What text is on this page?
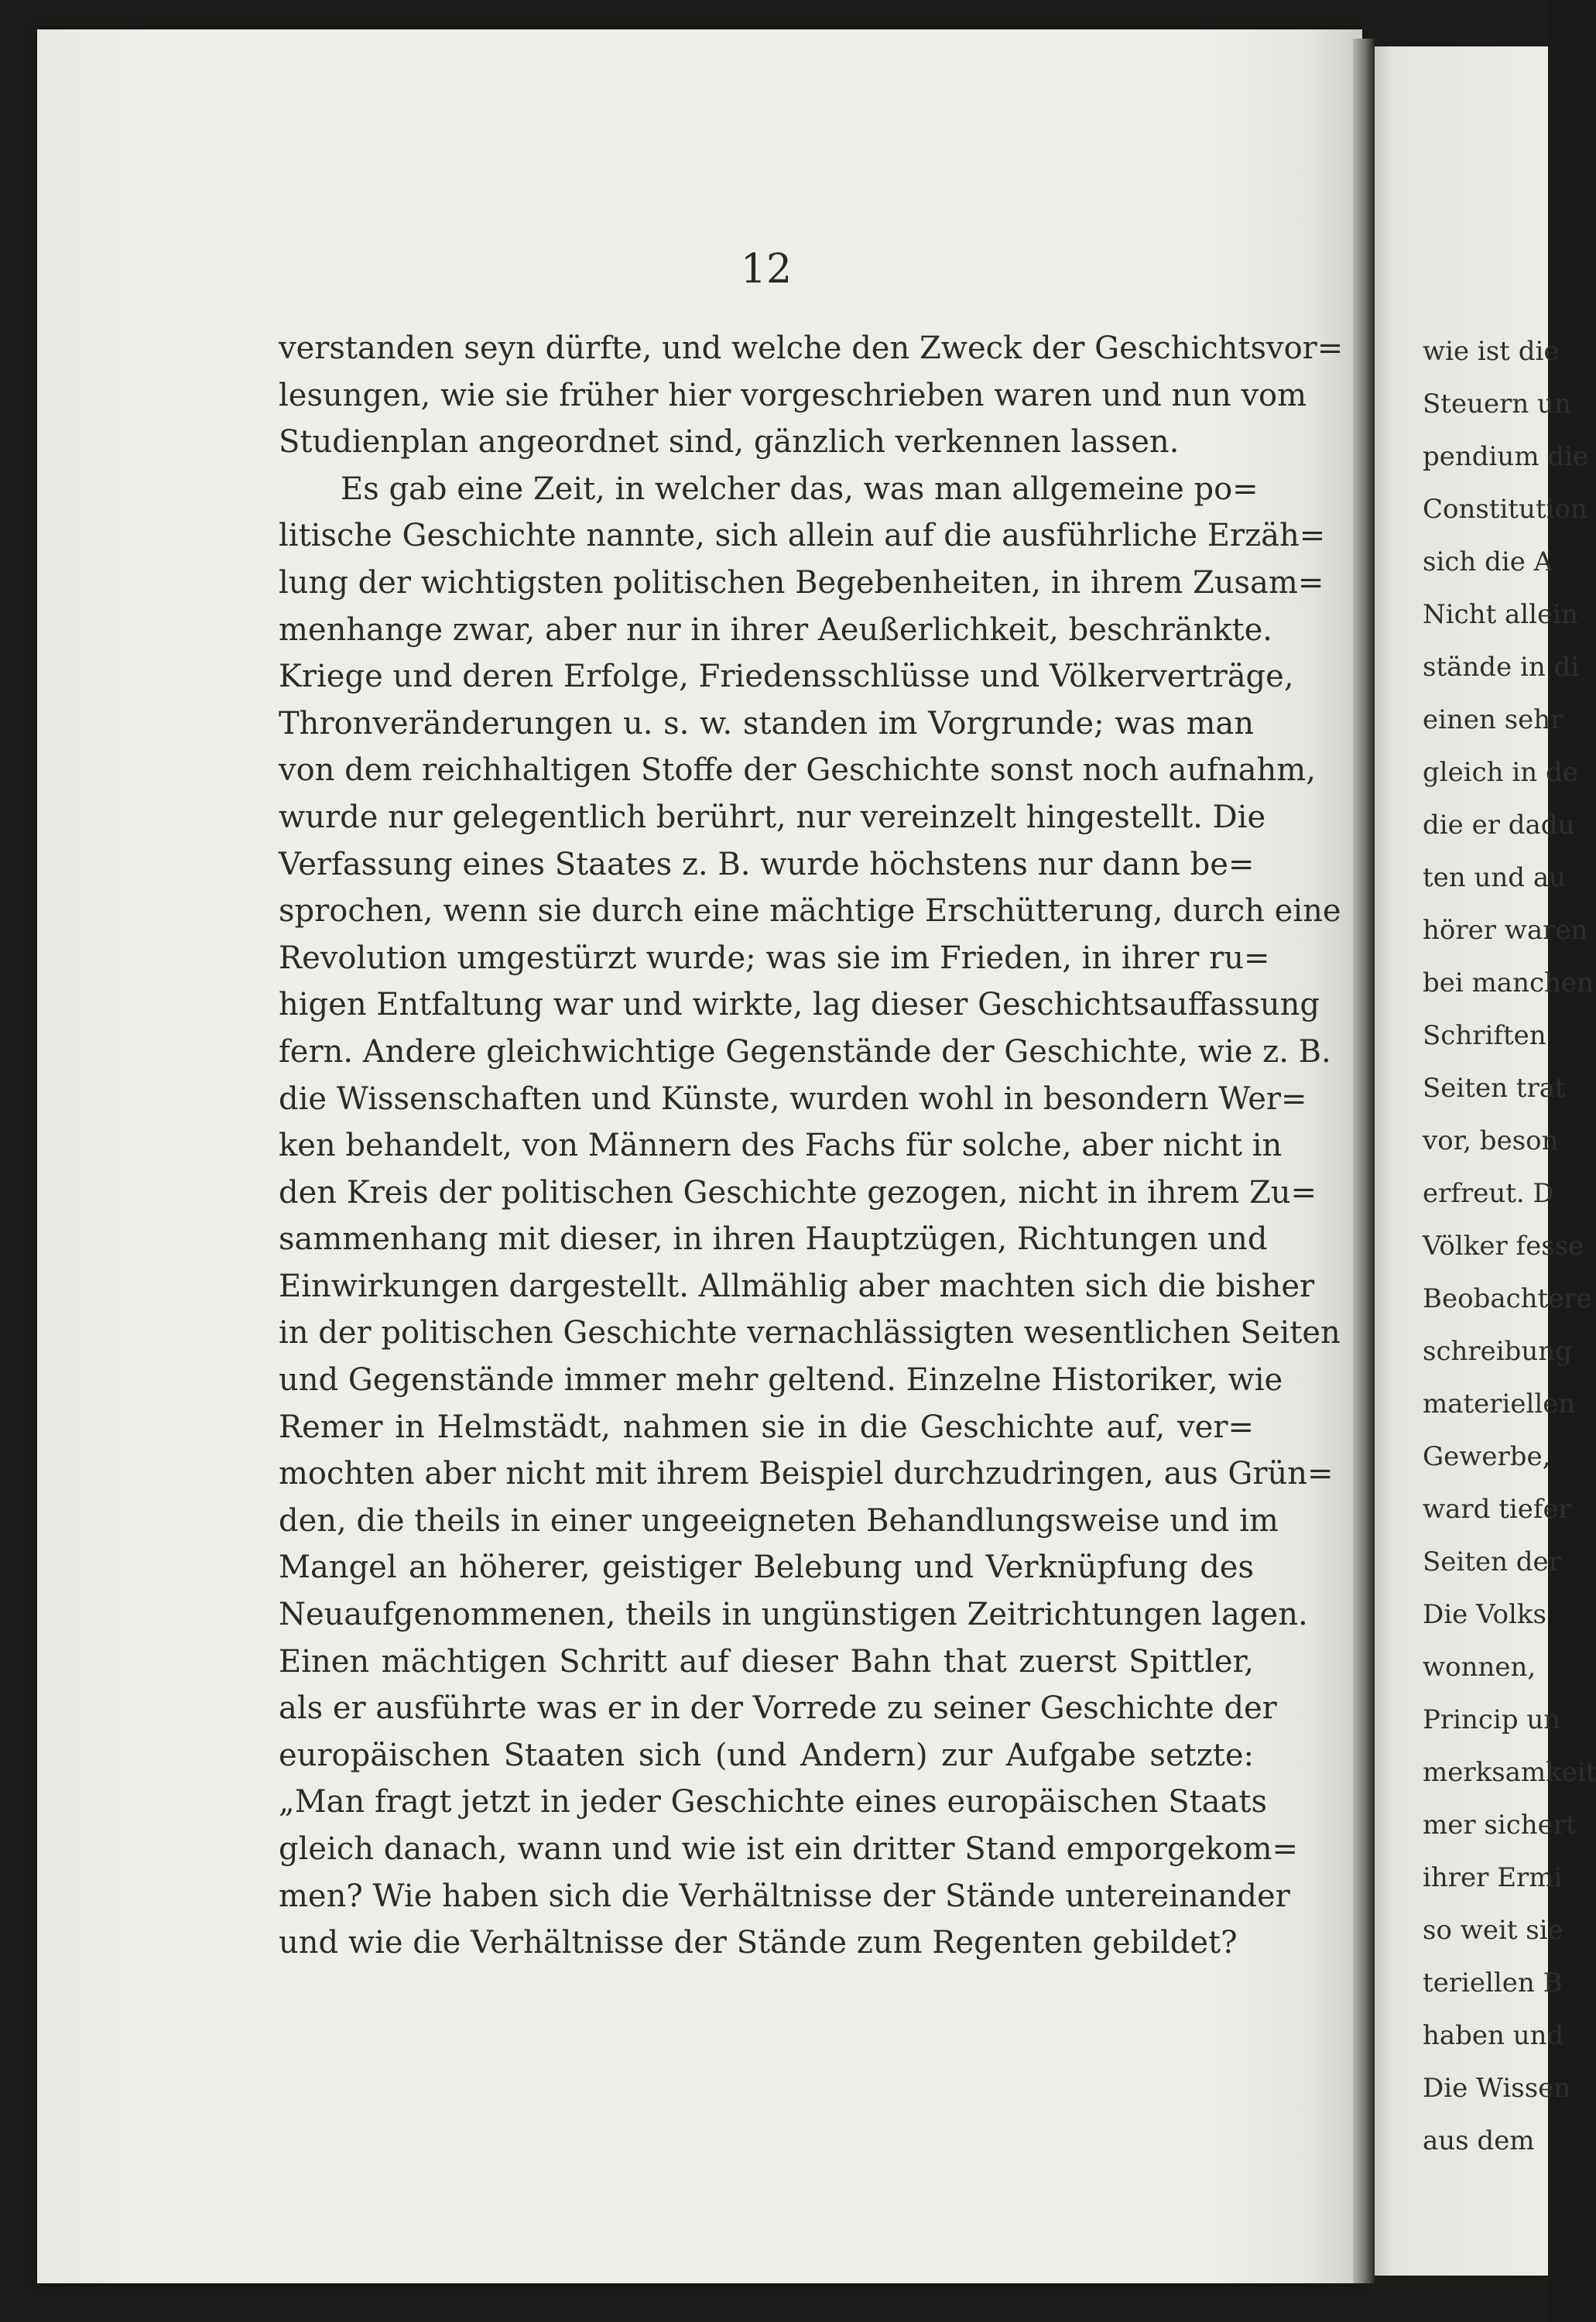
12
verstanden seyn dürfte, und welche den Zweck der Geschichtsvor=
lesungen, wie sie früher hier vorgeschrieben waren und nun vom
Studienplan angeordnet sind, gänzlich verkennen lassen.
Es gab eine Zeit, in welcher das, was man allgemeine po=
litische Geschichte nannte, sich allein auf die ausführliche Erzäh=
lung der wichtigsten politischen Begebenheiten, in ihrem Zusam=
menhange zwar, aber nur in ihrer Aeußerlichkeit, beschränkte.
Kriege und deren Erfolge, Friedensschlüsse und Völkerverträge,
Thronveränderungen u. s. w. standen im Vorgrunde; was man
von dem reichhaltigen Stoffe der Geschichte sonst noch aufnahm,
wurde nur gelegentlich berührt, nur vereinzelt hingestellt. Die
Verfassung eines Staates z. B. wurde höchstens nur dann be=
sprochen, wenn sie durch eine mächtige Erschütterung, durch eine
Revolution umgestürzt wurde; was sie im Frieden, in ihrer ru=
higen Entfaltung war und wirkte, lag dieser Geschichtsauffassung
fern. Andere gleichwichtige Gegenstände der Geschichte, wie z. B.
die Wissenschaften und Künste, wurden wohl in besondern Wer=
ken behandelt, von Männern des Fachs für solche, aber nicht in
den Kreis der politischen Geschichte gezogen, nicht in ihrem Zu=
sammenhang mit dieser, in ihren Hauptzügen, Richtungen und
Einwirkungen dargestellt. Allmählig aber machten sich die bisher
in der politischen Geschichte vernachlässigten wesentlichen Seiten
und Gegenstände immer mehr geltend. Einzelne Historiker, wie
Remer in Helmstädt, nahmen sie in die Geschichte auf, ver=
mochten aber nicht mit ihrem Beispiel durchzudringen, aus Grün=
den, die theils in einer ungeeigneten Behandlungsweise und im
Mangel an höherer, geistiger Belebung und Verknüpfung des
Neuaufgenommenen, theils in ungünstigen Zeitrichtungen lagen.
Einen mächtigen Schritt auf dieser Bahn that zuerst Spittler,
als er ausführte was er in der Vorrede zu seiner Geschichte der
europäischen Staaten sich (und Andern) zur Aufgabe setzte:
„Man fragt jetzt in jeder Geschichte eines europäischen Staats
gleich danach, wann und wie ist ein dritter Stand emporgekom=
men? Wie haben sich die Verhältnisse der Stände untereinander
und wie die Verhältnisse der Stände zum Regenten gebildet?
wie ist die
Steuern un
pendium die
Constitution
sich die A
Nicht allein
stände in di
einen sehr
gleich in de
die er dadu
ten und au
hörer waren
bei manchen
Schriften
Seiten trat
vor, beson
erfreut. D
Völker fesse
Beobachtere
schreibung
materiellen
Gewerbe,
ward tiefer
Seiten der
Die Volks
wonnen,
Princip un
merksamkeit
mer sichert
ihrer Ermi
so weit sie
teriellen B
haben und
Die Wissen
aus dem
